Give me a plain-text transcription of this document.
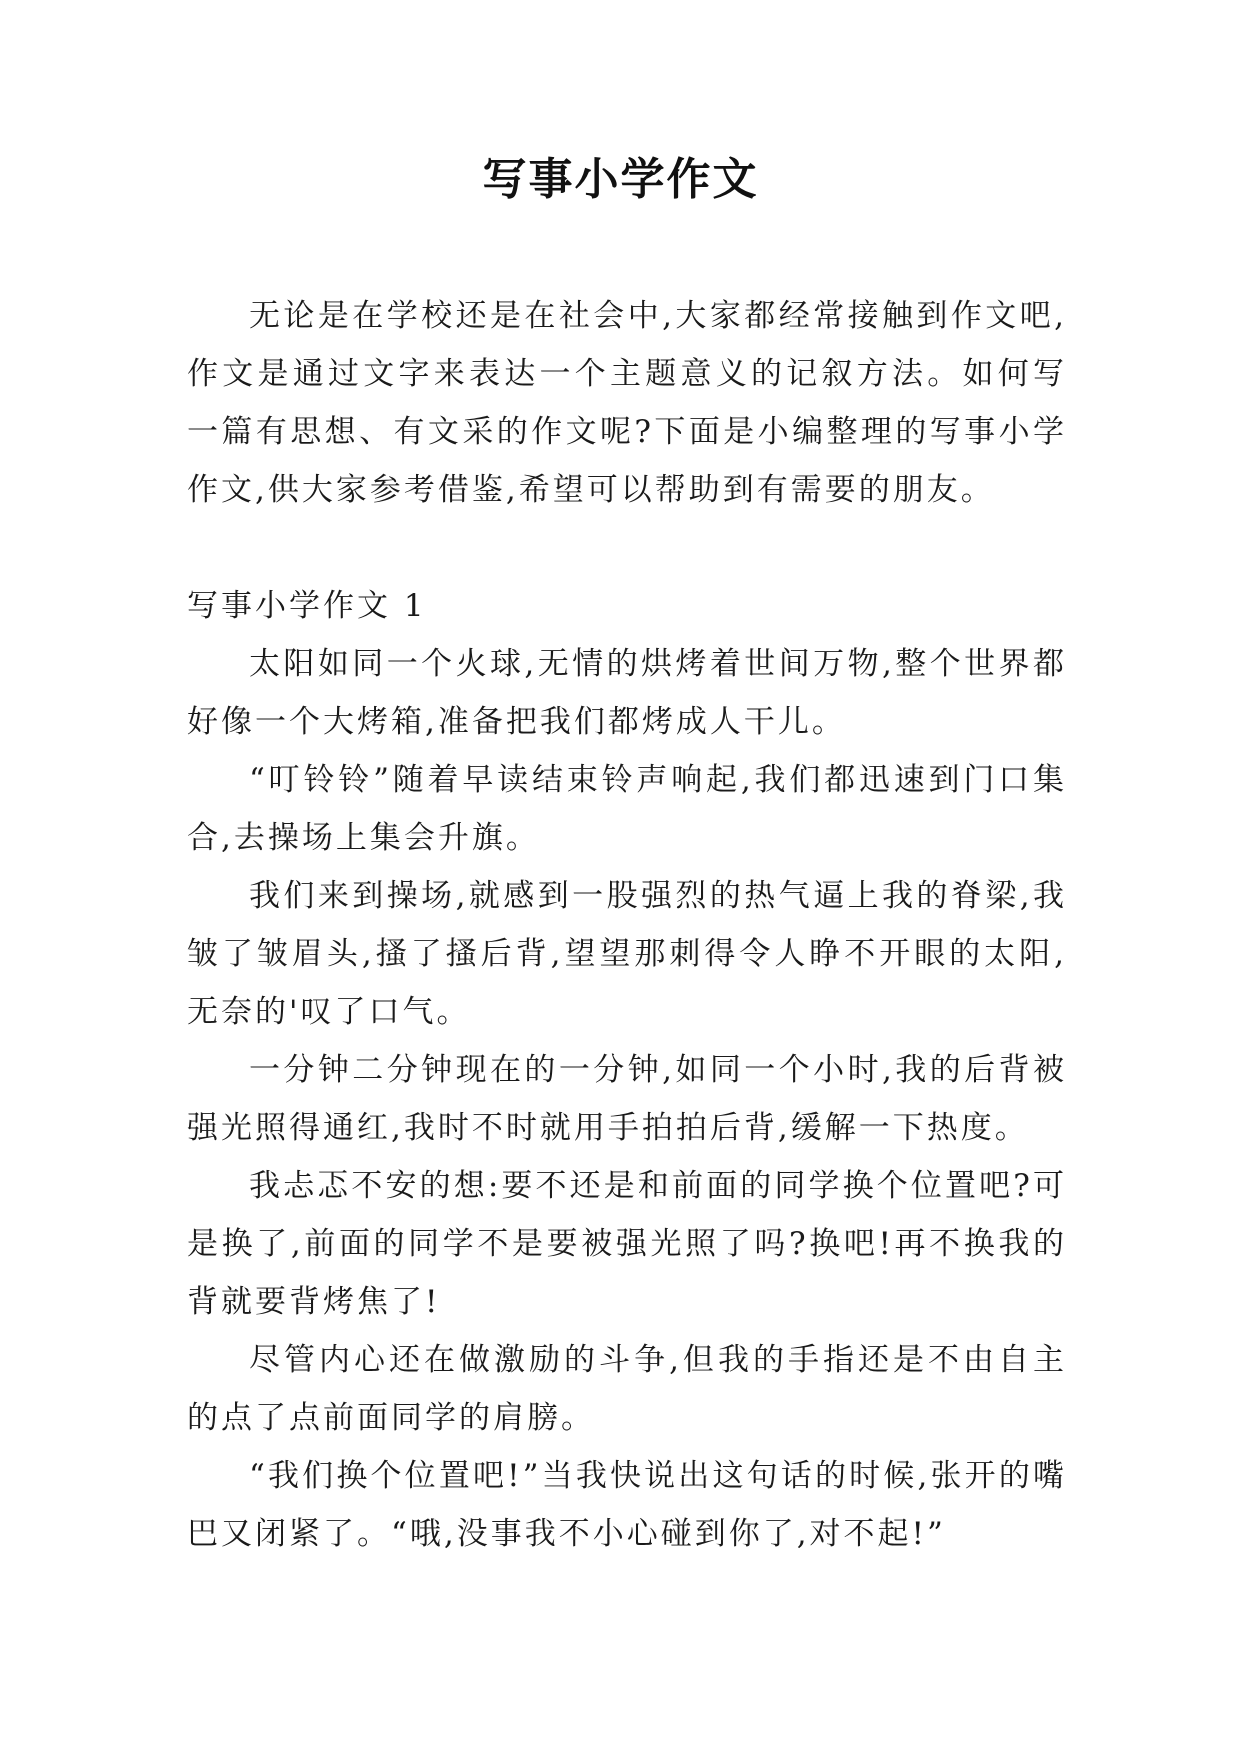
写事小学作文

无论是在学校还是在社会中,大家都经常接触到作文吧,作文是通过文字来表达一个主题意义的记叙方法。如何写一篇有思想、有文采的作文呢?下面是小编整理的写事小学作文,供大家参考借鉴,希望可以帮助到有需要的朋友。

写事小学作文 1

太阳如同一个火球,无情的烘烤着世间万物,整个世界都好像一个大烤箱,准备把我们都烤成人干儿。

“叮铃铃”随着早读结束铃声响起,我们都迅速到门口集合,去操场上集会升旗。

我们来到操场,就感到一股强烈的热气逼上我的脊梁,我皱了皱眉头,搔了搔后背,望望那刺得令人睁不开眼的太阳,无奈的'叹了口气。

一分钟二分钟现在的一分钟,如同一个小时,我的后背被强光照得通红,我时不时就用手拍拍后背,缓解一下热度。

我忐忑不安的想:要不还是和前面的同学换个位置吧?可是换了,前面的同学不是要被强光照了吗?换吧!再不换我的背就要背烤焦了!

尽管内心还在做激励的斗争,但我的手指还是不由自主的点了点前面同学的肩膀。

“我们换个位置吧!”当我快说出这句话的时候,张开的嘴巴又闭紧了。“哦,没事我不小心碰到你了,对不起!”
